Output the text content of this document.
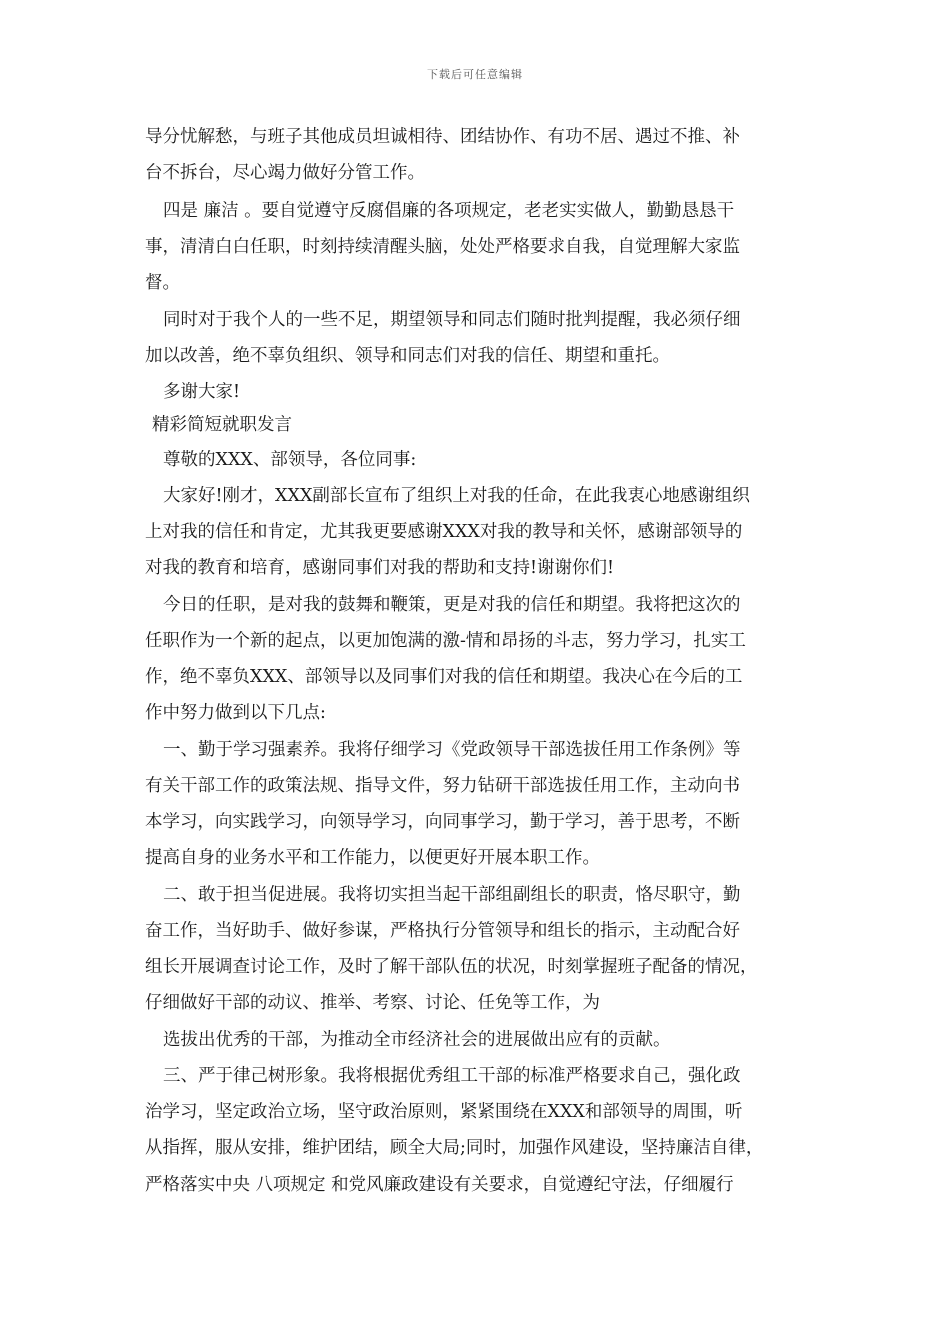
下载后可任意编辑
导分忧解愁，与班子其他成员坦诚相待、团结协作、有功不居、遇过不推、补
台不拆台，尽心竭力做好分管工作。
四是 廉洁 。要自觉遵守反腐倡廉的各项规定，老老实实做人，勤勤恳恳干
事，清清白白任职，时刻持续清醒头脑，处处严格要求自我，自觉理解大家监
督。
同时对于我个人的一些不足，期望领导和同志们随时批判提醒，我必须仔细
加以改善，绝不辜负组织、领导和同志们对我的信任、期望和重托。
多谢大家!
精彩简短就职发言
尊敬的XXX、部领导，各位同事:
大家好!刚才，XXX副部长宣布了组织上对我的任命，在此我衷心地感谢组织
上对我的信任和肯定，尤其我更要感谢XXX对我的教导和关怀，感谢部领导的
对我的教育和培育，感谢同事们对我的帮助和支持!谢谢你们!
今日的任职，是对我的鼓舞和鞭策，更是对我的信任和期望。我将把这次的
任职作为一个新的起点，以更加饱满的激-情和昂扬的斗志，努力学习，扎实工
作，绝不辜负XXX、部领导以及同事们对我的信任和期望。我决心在今后的工
作中努力做到以下几点:
一、勤于学习强素养。我将仔细学习《党政领导干部选拔任用工作条例》等
有关干部工作的政策法规、指导文件，努力钻研干部选拔任用工作，主动向书
本学习，向实践学习，向领导学习，向同事学习，勤于学习，善于思考，不断
提高自身的业务水平和工作能力，以便更好开展本职工作。
二、敢于担当促进展。我将切实担当起干部组副组长的职责，恪尽职守，勤
奋工作，当好助手、做好参谋，严格执行分管领导和组长的指示，主动配合好
组长开展调查讨论工作，及时了解干部队伍的状况，时刻掌握班子配备的情况，
仔细做好干部的动议、推举、考察、讨论、任免等工作，为
选拔出优秀的干部，为推动全市经济社会的进展做出应有的贡献。
三、严于律己树形象。我将根据优秀组工干部的标准严格要求自己，强化政
治学习，坚定政治立场，坚守政治原则，紧紧围绕在XXX和部领导的周围，听
从指挥，服从安排，维护团结，顾全大局;同时，加强作风建设，坚持廉洁自律，
严格落实中央 八项规定 和党风廉政建设有关要求，自觉遵纪守法，仔细履行
